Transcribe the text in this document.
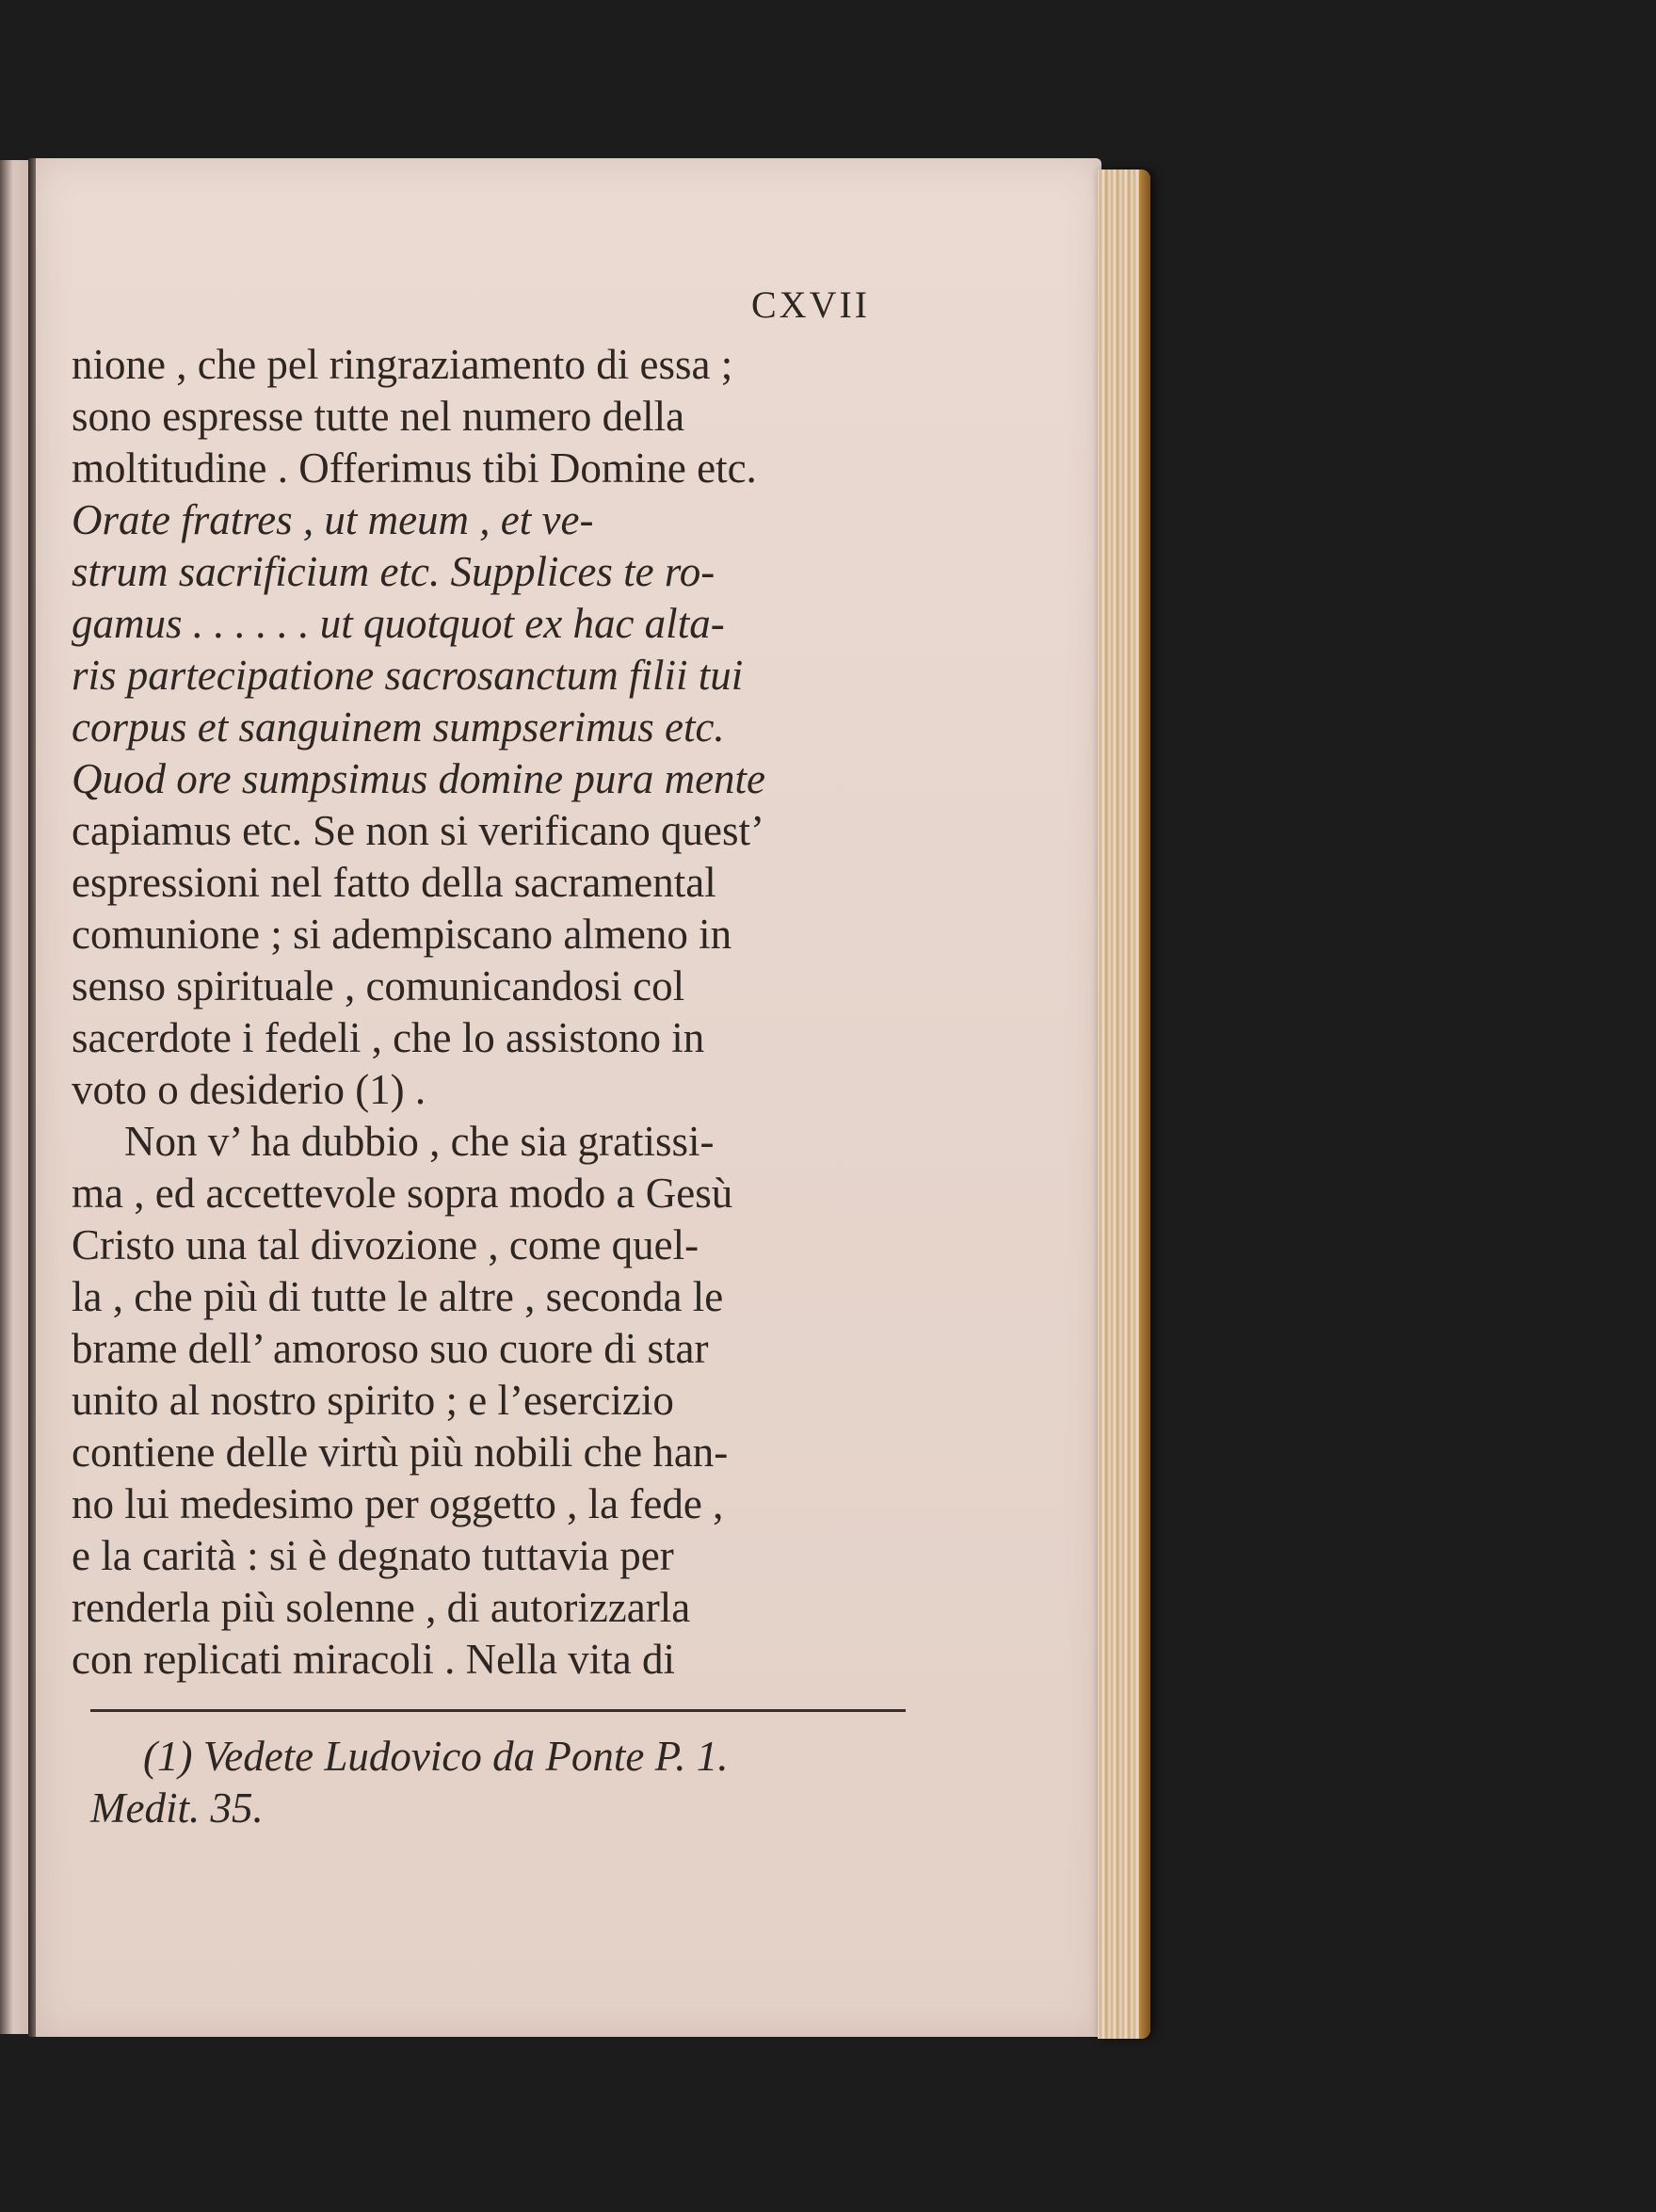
CXVII
nione , che pel ringraziamento di essa ;
sono espresse tutte nel numero della
moltitudine . Offerimus tibi Domine etc.
Orate fratres , ut meum , et ve-
strum sacrificium etc. Supplices te ro-
gamus . . . . . . ut quotquot ex hac alta-
ris partecipatione sacrosanctum filii tui
corpus et sanguinem sumpserimus etc.
Quod ore sumpsimus domine pura mente
capiamus etc. Se non si verificano quest’
espressioni nel fatto della sacramental
comunione ; si adempiscano almeno in
senso spirituale , comunicandosi col
sacerdote i fedeli , che lo assistono in
voto o desiderio (1) .
Non v’ ha dubbio , che sia gratissi-
ma , ed accettevole sopra modo a Gesù
Cristo una tal divozione , come quel-
la , che più di tutte le altre , seconda le
brame dell’ amoroso suo cuore di star
unito al nostro spirito ; e l’esercizio
contiene delle virtù più nobili che han-
no lui medesimo per oggetto , la fede ,
e la carità : si è degnato tuttavia per
renderla più solenne , di autorizzarla
con replicati miracoli . Nella vita di
(1) Vedete Ludovico da Ponte P. 1.
Medit. 35.
